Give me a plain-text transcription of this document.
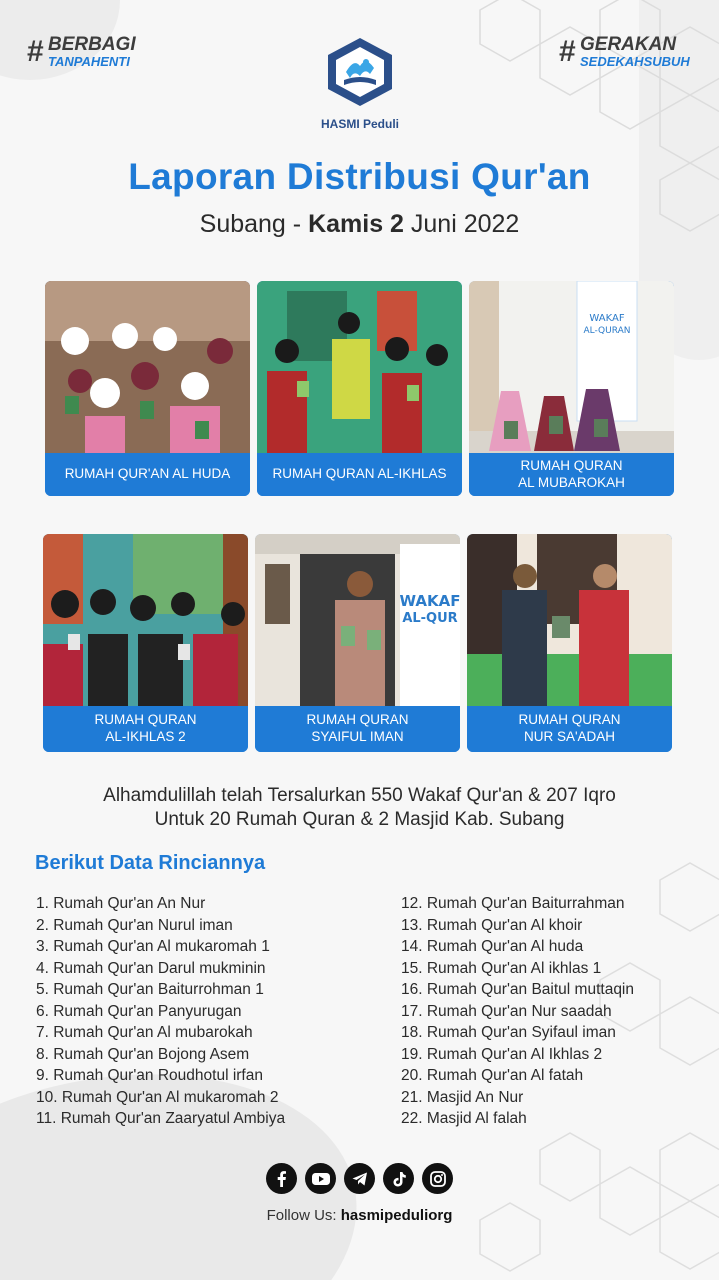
# BERBAGI
TANPAHENTI	# GERAKAN
SEDEKAHSUBUH
HASMI Peduli
Laporan Distribusi Qur'an
Subang - Kamis 2 Juni 2022
RUMAH QUR'AN AL HUDA	RUMAH QURAN AL-IKHLAS
WAKAF
AL-QURAN
RUMAH QURAN
AL MUBAROKAH
RUMAH QURAN
AL-IKHLAS 2
WAKAF
AL-QUR
RUMAH QURAN
SYAIFUL IMAN
RUMAH QURAN
NUR SA'ADAH
Alhamdulillah telah Tersalurkan 550 Wakaf Qur'an & 207 Iqro
Untuk 20 Rumah Quran & 2 Masjid Kab. Subang
Berikut Data Rinciannya
1. Rumah Qur'an An Nur
2. Rumah Qur'an Nurul iman
3. Rumah Qur'an Al mukaromah 1
4. Rumah Qur'an Darul mukminin
5. Rumah Qur'an Baiturrohman 1
6. Rumah Qur'an Panyurugan
7. Rumah Qur'an Al mubarokah
8. Rumah Qur'an Bojong Asem
9. Rumah Qur'an Roudhotul irfan
10. Rumah Qur'an Al mukaromah 2
11. Rumah Qur'an Zaaryatul Ambiya
12. Rumah Qur'an Baiturrahman
13. Rumah Qur'an Al khoir
14. Rumah Qur'an Al huda
15. Rumah Qur'an Al ikhlas 1
16. Rumah Qur'an Baitul muttaqin
17. Rumah Qur'an Nur saadah
18. Rumah Qur'an Syifaul iman
19. Rumah Qur'an Al Ikhlas 2
20. Rumah Qur'an Al fatah
21. Masjid An Nur
22. Masjid Al falah
Follow Us: hasmipeduliorg
